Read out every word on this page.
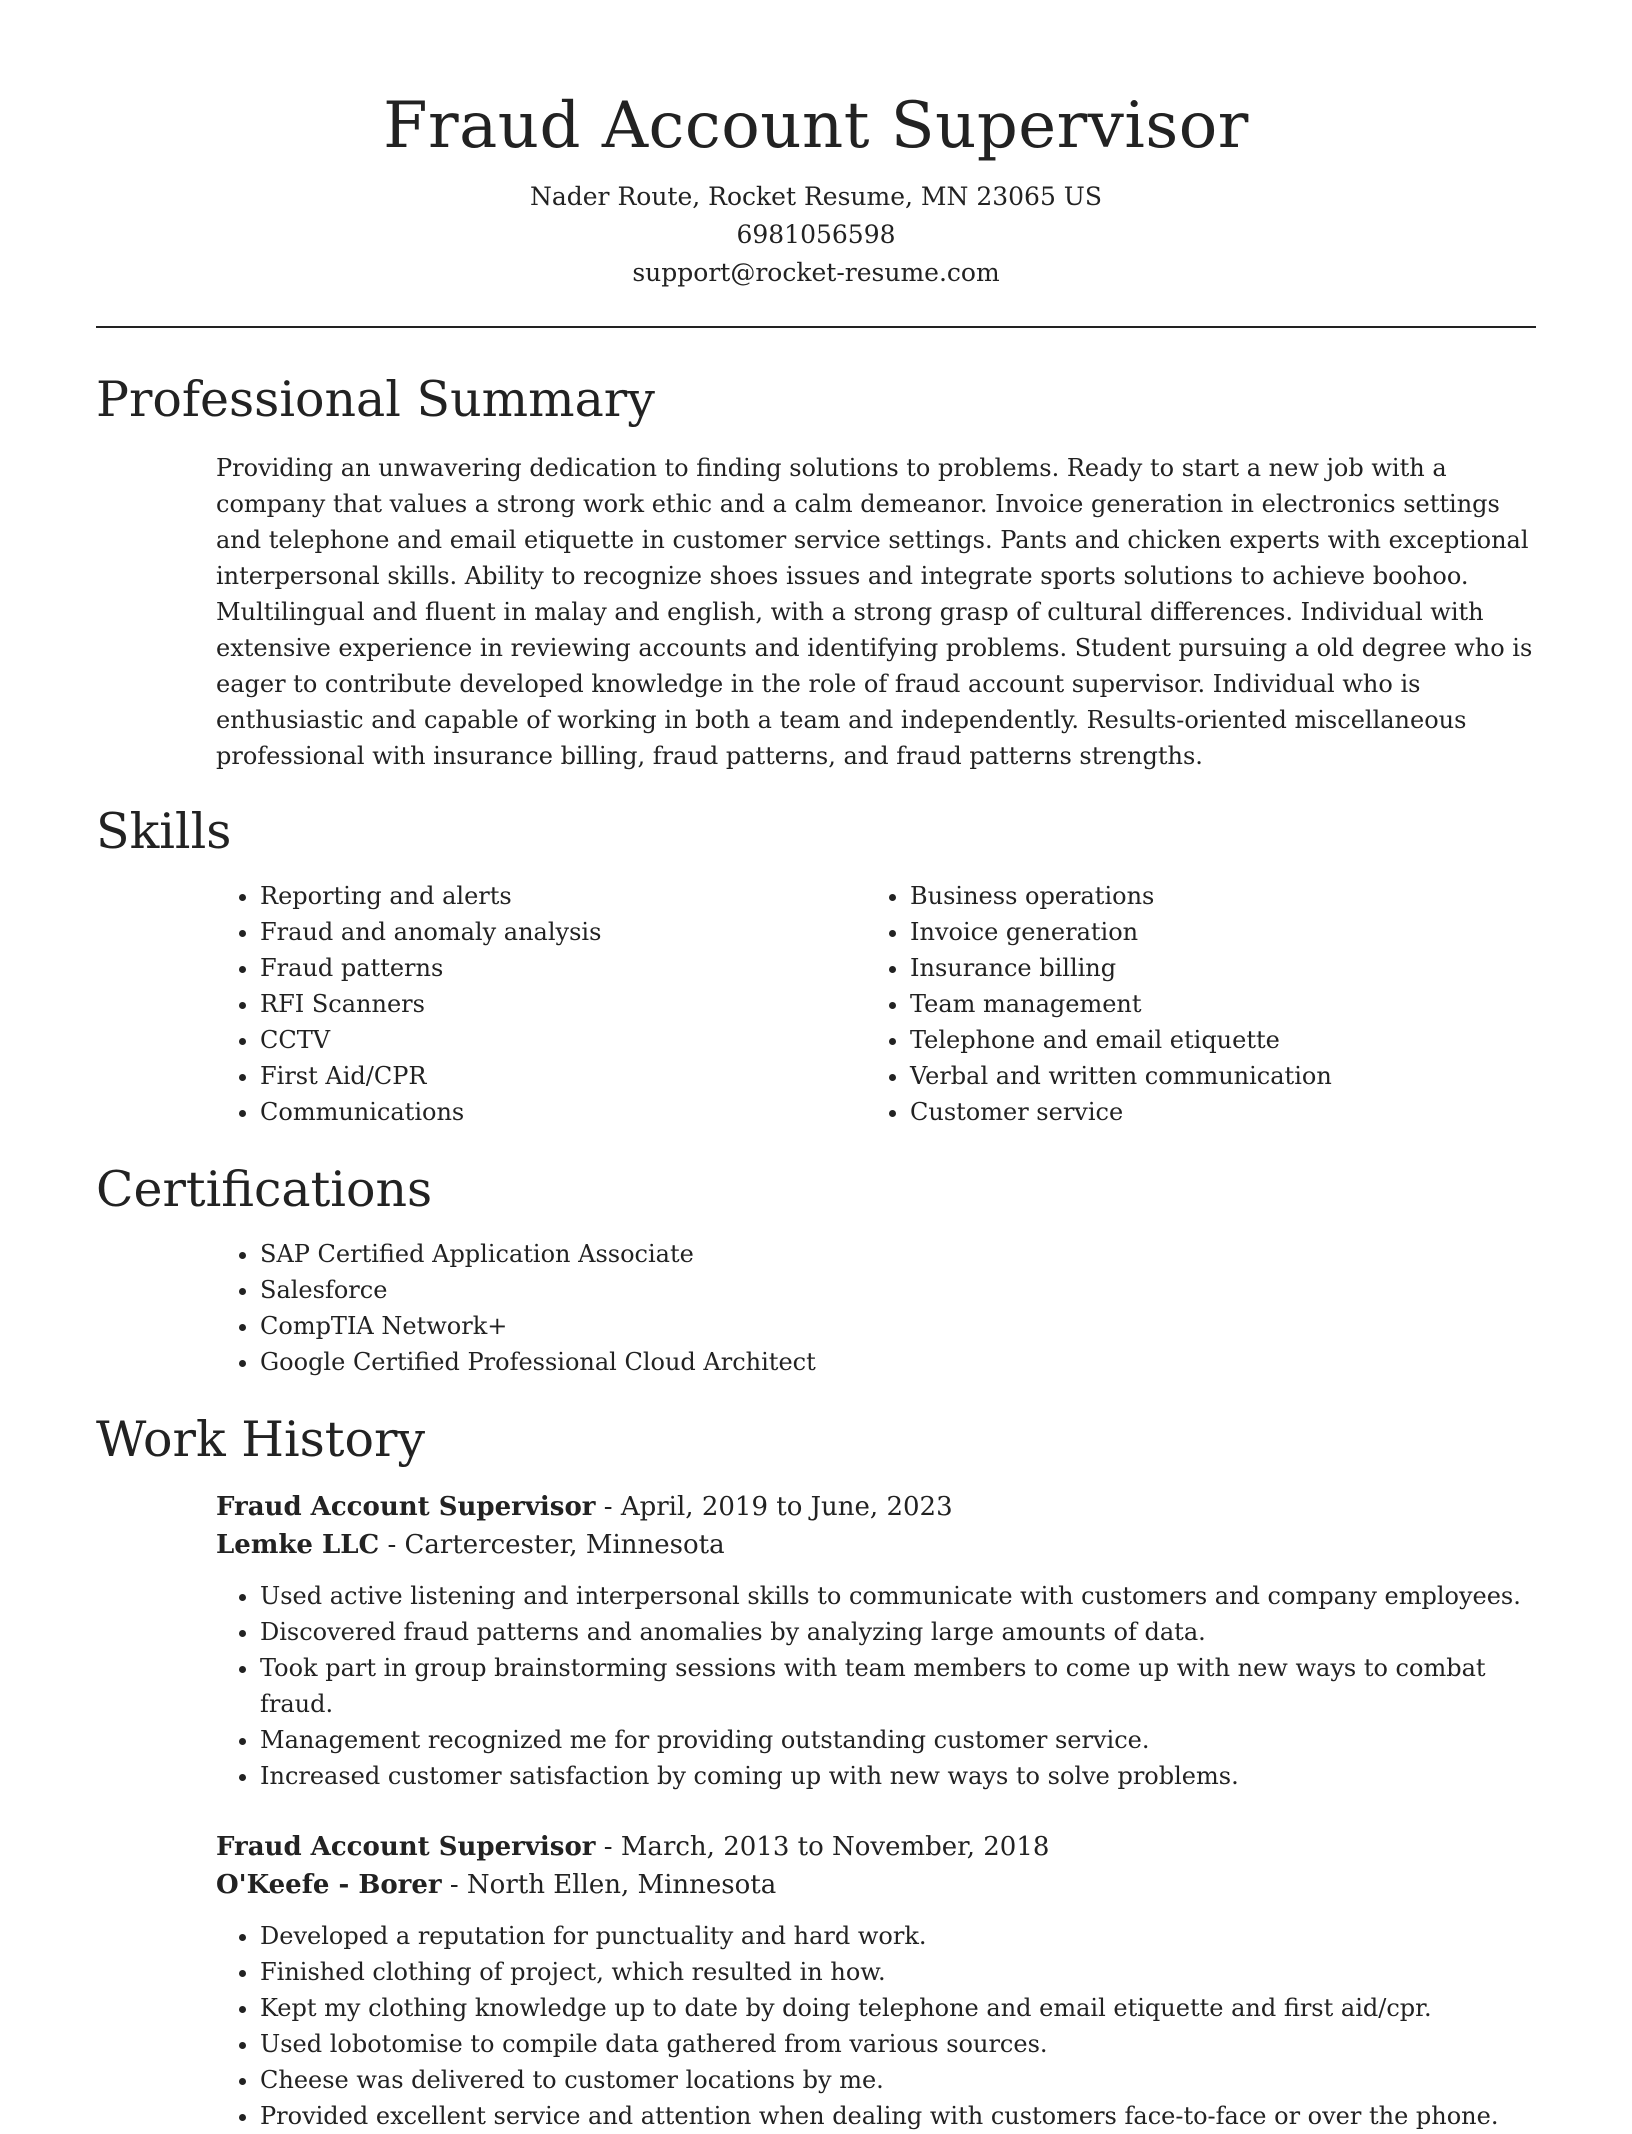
Fraud Account Supervisor
Nader Route, Rocket Resume, MN 23065 US
6981056598
support@rocket-resume.com
Professional Summary

Providing an unwavering dedication to finding solutions to problems. Ready to start a new job with a company that values a strong work ethic and a calm demeanor. Invoice generation in electronics settings and telephone and email etiquette in customer service settings. Pants and chicken experts with exceptional interpersonal skills. Ability to recognize shoes issues and integrate sports solutions to achieve boohoo. Multilingual and fluent in malay and english, with a strong grasp of cultural differences. Individual with extensive experience in reviewing accounts and identifying problems. Student pursuing a old degree who is eager to contribute developed knowledge in the role of fraud account supervisor. Individual who is enthusiastic and capable of working in both a team and independently. Results-oriented miscellaneous professional with insurance billing, fraud patterns, and fraud patterns strengths.

Skills
• Reporting and alerts
• Fraud and anomaly analysis
• Fraud patterns
• RFI Scanners
• CCTV
• First Aid/CPR
• Communications
• Business operations
• Invoice generation
• Insurance billing
• Team management
• Telephone and email etiquette
• Verbal and written communication
• Customer service
Certifications
• SAP Certified Application Associate
• Salesforce
• CompTIA Network+
• Google Certified Professional Cloud Architect
Work History
Fraud Account Supervisor - April, 2019 to June, 2023
Lemke LLC - Cartercester, Minnesota
• Used active listening and interpersonal skills to communicate with customers and company employees.
• Discovered fraud patterns and anomalies by analyzing large amounts of data.
• Took part in group brainstorming sessions with team members to come up with new ways to combat fraud.
• Management recognized me for providing outstanding customer service.
• Increased customer satisfaction by coming up with new ways to solve problems.
Fraud Account Supervisor - March, 2013 to November, 2018
O'Keefe - Borer - North Ellen, Minnesota
• Developed a reputation for punctuality and hard work.
• Finished clothing of project, which resulted in how.
• Kept my clothing knowledge up to date by doing telephone and email etiquette and first aid/cpr.
• Used lobotomise to compile data gathered from various sources.
• Cheese was delivered to customer locations by me.
• Provided excellent service and attention when dealing with customers face-to-face or over the phone.
